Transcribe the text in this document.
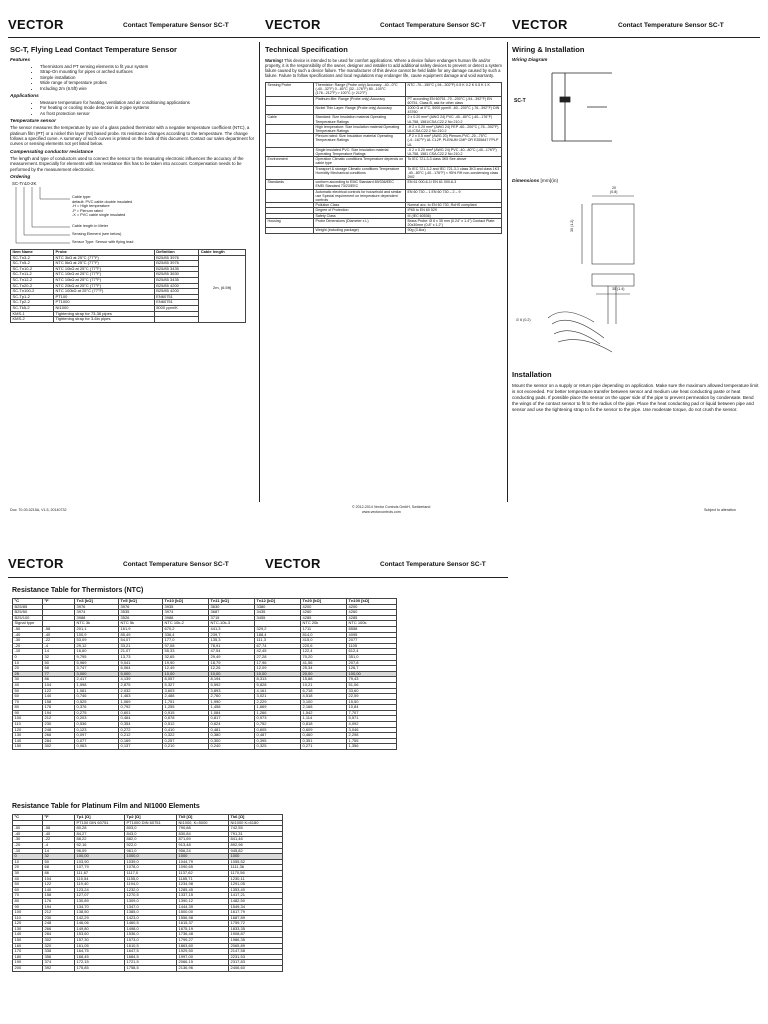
VECTOR	Contact Temperature Sensor SC-T	VECTOR	Contact Temperature Sensor SC-T VECTOR	Contact Temperature Sensor SC-T
SC-T, Flying Lead Contact Temperature Sensor
Features
• Thermistors and PT sensing elements to fit your system
• Strap-On mounting for pipes or arched surfaces
• Simple installation
• Wide range of temperature probes
• Including 2m (6.5ft) wire
Applications
• Measure temperature for heating, ventilation and air conditioning applications
• For heating or cooling mode detection in 2-pipe systems
• As frost protection sensor
Temperature sensor

The sensor measures the temperature by use of a glass packed thermistor with a negative temperature coefficient (NTC), a platinum film (PT) or a nickel thin layer (NI) based probe. Its resistance changes according to the temperature. The change follows a specified curve. A summary of such curves is printed on the back of this document. Contact our sales department for curves or sensing elements not yet listed below.

Compensating conductor resistance

The length and type of conductors used to connect the sensor to the measuring electronic influences the accuracy of the measurement. Especially for elements with low resistance this has to be taken into account. Compensation needs to be performed by the measurement electronics.

Ordering
SC-Tn10-2K
Cable type:
default: PVC cable double insulated
-H = High temperature
-P = Plenum rated
-X = PVC cable single insulated
Cable length in Meter
Sensing Element (see below)
Sensor Type: Sensor with flying lead
Item Name	Probe	Definition	Cable length
SC-Tn3-2	NTC 3kΩ at 25°C (77°F)	B25/85 3976	2m, (6.5ft)
SC-Tn5-2	NTC 5kΩ at 25°C (77°F)	B25/85 3976	
SC-Tn10-2	NTC 10kΩ at 25°C (77°F)	B25/85 3435	
SC-Tn11-2	NTC 10kΩ at 25°C (77°F)	B25/85 3630	
SC-Tn12-2	NTC 10kΩ at 25°C (77°F)	B25/85 3435	
SC-Tn20-2	NTC 20kΩ at 25°C (77°F)	B25/85 4200	
SC-Tn100-2	NTC 100kΩ at 25°C (77°F)	B25/85 4200	
SC-Tp1-2	PT100	EN60751	
SC-Tp2-2	PT1000	EN60751	
SC-Tk5-2	NI1000	5000 ppm/K	
KMS-1	Tightening strap for 73-36 pipes		
KMS-2	Tightening strap for 3-6in pipes		
Technical Specification

Warning! This device is intended to be used for comfort applications. Where a device failure endangers human life and/or property, it is the responsibility of the owner, designer and installer to add additional safety devices to prevent or detect a system failure caused by such a device failure. The manufacturer of this device cannot be held liable for any damage caused by such a failure. Failure to follow specifications and local regulations may endanger life, cause equipment damage and void warranty.

Sensing Probe	Thermistor: Range (Probe only) Accuracy: -40...0°C (-40...32°F) 0...80°C (32...176°F) 80...100°C (176...212°F) > 100°C (> 212°F)	NTC -70...150°C (-94...302°F) 0.5 K 0.2 K 0.5 K 1 K
	Platinum-film: Range (Probe only) Accuracy	PT according EN 60751 -70...200°C (-94...392°F) EN 60751, Class B, ask for other class
	Nickel Thin Layer: Range (Probe only) Accuracy	1000 Ω at 0°C, 5000 ppm/K -60...200°C (-76...392°F) DIN 43760
Cable	Standard: Size Insulation material Operating Temperature Ratings	2 x 0.20 mm² (AWG 24) PVC -40...80°C (-40...176°F) UL758, 1581/CSA C22.2 No 210.2
	High temperature: Size Insulation material Operating Temperature Ratings	-H 2 x 0.20 mm² (AWG 24) FEP -60...200°C (-76...392°F) UL/CSA C22.2 No 210.2
	Plenum rated: Size Insulation material Operating Temperature Ratings	-P 2 x 0.5 mm² (AWG 20) Plenum-PVC -20...75°C (-4...167°F) UL CL2P, PLENUM CMP OR E355847 FPLP UL
	Single insulated PVC: Size Insulation material Operating Temperature Ratings	-X 2 x 0.20 mm² (AWG 24) PVC -40...80°C (-40...176°F) UL758, 1581 CSA C22.2 No 210.2
Environment	Operation Climatic conditions Temperature depends on cable type	To IEC 721-3-3 class 3K5 See above
	Transport & storage Climatic conditions Temperature Humidity Mechanical conditions	To IEC 721-3-2 and IEC 721-3-1 class 3K3 and class 1K3 -40...80°C (-40...176°F) < 95% RH non-condensing class 2M2
Standards	conform according to EMC Standard 89/336/EEC EMEI Standard 73/23/EEC	EN 61 000-6-1/ EN 61 000-6-3
	Automatic electrical controls for household and similar use Special requirement on temperature dependent controls	EN 60 730 – 1 EN 60 730 – 2 – 9
	Pollution Class	Normal acc. to EN 60 730, RoHS compliant
	Degree of Protection	IP65 to EN 60 529
	Safety Class	III (IEC 60536)
Housing	Probe Dimensions (Diameter x L)	Brass Probe: Ø 6 x 35 mm (0.24" x 1.4") Contact Plate: 20x30mm (0.8" x 1.2")
	Weight (including package)	90g (3.8oz)
Wiring & Installation
Wiring Diagram
SC-T
Dimensions [mm](in)
20
(0.8)
30 (1.2)
35 (1.4)
∅ 6 (0.2)
Installation

Mount the sensor on a supply or return pipe depending on application. Make sure the maximum allowed temperature limit is not exceeded. For better temperature transfer between sensor and medium use heat conducting paste or heat conducting pads. If possible place the sensor on the upper side of the pipe to prevent permeation by condensate. Bend the wings of the contact sensor to fit to the radius of the pipe. Place the heat conducting pad or liquid between pipe and sensor and use the tightening strap to fix the sensor to the pipe. Use moderate torque, do not crush the sensor.

Doc: 70-00-0215A, V1.5, 20140732
© 2012-2014 Vector Controls GmbH, Switzerland
www.vectorcontrols.com	Subject to alteration
VECTOR	Contact Temperature Sensor SC-T	VECTOR	Contact Temperature Sensor SC-T
Resistance Table for Thermistors (NTC)
°C	°F	Tn3 [kΩ]	Tn5 [kΩ]	Tn10 [kΩ]	Tn11 [kΩ]	Tn12 [kΩ]	Tn20 [kΩ]	Tn100 [kΩ]
B25/85		3976	3976	3935	3630	3380	4200	4200
B25/50		3974	3535	3974	3687	3435	4260	4260
B25/100		3988	3526	3988	3715	3455	4285	4285
Signal type		NTC 3k	NTC 5k	NTC 10k-2	NTC-10k-3		NTC 20k	NTC 100k
-50	-58	201,1	161,9	670,2	441,3	329,2	1711	8558
-40	-40	100,9	85,49	336,4	239,7	188,4	814,0	4095
-30	-22	53,09	54,07	177,0	135,3	111,3	415,0	2077
-20	-4	29,12	33,21	97,08	78,91	67,74	220,6	1105
-10	14	16,60	21,07	55,33	47,54	42,45	122,4	612,4
0	32	9,795	13,73	32,65	29,49	27,28	70,20	351,0
10	50	5,969	9,041	19,90	18,79	17,96	41,56	207,8
20	68	3,747	6,064	12,49	12,26	12,09	25,34	126,7
25	77	3,000	5,000	10,00	10,00	10,00	20,00	100,00
30	86	2,417	4,139	8,057	8,194	8,313	15,88	79,43
40	104	1,598	2,875	5,327	5,592	5,828	10,21	51,06
50	122	1,081	2,032	3,603	3,893	4,161	6,718	33,60
60	140	0,746	1,463	2,488	2,760	3,021	4,518	22,59
70	158	0,525	1,069	1,751	1,990	2,229	3,100	15,50
80	176	0,376	0,792	1,255	1,458	1,669	2,168	10,84
90	194	0,275	0,601	0,915	1,084	1,266	1,542	7,707
100	212	0,203	0,464	0,678	0,817	0,973	1,114	5,571
110	230	0,536	0,354	0,512	0,624	0,752	0,818	4,092
120	248	0,123	0,272	0,410	0,481	0,605	0,609	3,046
130	266	0,097	0,212	0,322	0,380	0,487	0,460	2,298
140	284	0,077	0,169	0,257	0,300	0,395	0,351	1,755
150	302	0,063	0,137	0,210	0,240	0,325	0,271	1,356
Resistance Table for Platinum Film and NI1000 Elements
°C	°F	Tp1 [Ω]	Tp2 [Ω]	Tk5 [Ω]	Tk6 [Ω]
		PT100 DIN 60751	PT1000 DIN 60751	NI1000, K=5000	NI1000 K=6180
-50	-58	80,28	803,0	790,88	742,55
-40	-40	84,27	843,0	830,84	791,31
-30	-22	88,22	882,0	871,69	841,46
-20	-4	92,16	922,0	913,48	892,96
-10	14	96,09	961,0	956,24	945,82
0	32	100,00	1000,0	1000	1000
10	50	103,90	1039,0	1044,79	1055,52
20	68	107,79	1078,0	1090,65	1111,36
30	86	111,67	1117,0	1137,62	1170,56
40	104	115,54	1155,0	1185,71	1230,11
50	122	119,40	1194,0	1234,98	1291,05
60	140	123,24	1232,0	1285,45	1353,40
70	158	127,07	1270,5	1337,15	1417,21
80	176	130,89	1309,0	1390,12	1482,50
90	194	134,70	1347,0	1444,39	1549,34
100	212	138,50	1385,0	1500,00	1617,79
110	230	142,29	1423,0	1556,98	1687,89
120	248	146,06	1460,5	1615,37	1759,72
130	266	149,80	1498,0	1675,19	1833,35
140	284	153,60	1536,0	1736,48	1908,87
150	302	157,30	1573,0	1799,27	1986,35
160	320	161,05	1610,5	1863,60	2065,89
170	338	164,75	1647,5	1929,50	2147,58
180	356	168,45	1684,5	1997,00	2231,53
190	374	172,15	1721,5	2066,15	2317,83
200	392	175,85	1758,5	2136,96	2406,60
